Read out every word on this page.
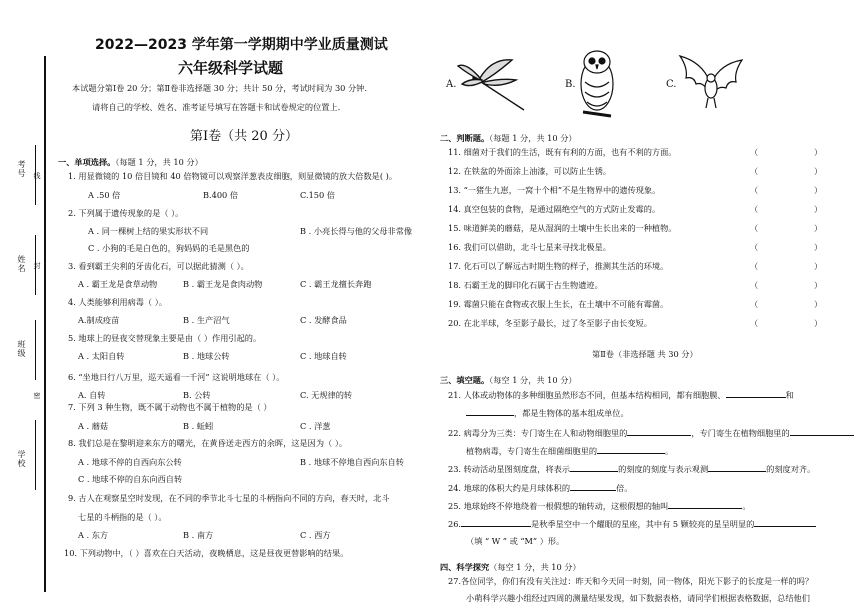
考号 线
姓名 封
班级
密
学校
2022—2023 学年第一学期期中学业质量测试
六年级科学试题
本试题分第Ⅰ卷 20 分；第Ⅱ卷非选择题 30 分；共计 50 分，考试时间为 30 分钟.
请将自己的学校、姓名、准考证号填写在答题卡和试卷规定的位置上.
第Ⅰ卷（共 20 分）
一、单项选择。（每题 1 分，共 10 分）
1. 用显微镜的 10 倍目镜和 40 倍物镜可以观察洋葱表皮细胞，则显微镜的放大倍数是( )。
A .50 倍	B.400 倍	C.150 倍
2. 下列属于遗传现象的是（ ）。
A . 同一棵树上结的果实形状不同	B . 小亮长得与他的父母非常像
C . 小狗的毛是白色的，狗妈妈的毛是黑色的
3. 看到霸王尖利的牙齿化石，可以据此猜测（ ）。
A . 霸王龙是食草动物	B . 霸王龙是食肉动物	C . 霸王龙擅长奔跑
4. 人类能够利用病毒（ ）。
A.制成疫苗	B . 生产沼气	C . 发酵食品
5. 地球上的昼夜交替现象主要是由（ ）作用引起的。
A . 太阳自转	B . 地球公转	C . 地球自转
6. “坐地日行八万里，巡天遥看一千河” 这说明地球在（ ）。
A. 自转	B. 公转	C. 无规律的转
7. 下列 3 种生物，既不属于动物也不属于植物的是（ ）
A . 蘑菇	B . 蚯蚓	C . 洋葱
8. 我们总是在黎明迎来东方的曙光，在黄昏送走西方的余晖，这是因为（ ）。
A . 地球不停的自西向东公转	B . 地球不停地自西向东自转
C . 地球不停的自东向西自转
9. 古人在观察星空时发现，在不同的季节北斗七星的斗柄指向不同的方向，春天时，北斗
七星的斗柄指的是（ ）。
A . 东方	B . 南方	C . 西方
10. 下列动物中，（ ）喜欢在白天活动，夜晚栖息，这是昼夜更替影响的结果。
A.	B.	C.
二、判断题。（每题 1 分，共 10 分）
11. 细菌对于我们的生活，既有有利的方面，也有不利的方面。
12. 在铁盆的外面涂上油漆，可以防止生锈。
13. “一猪生九崽，一窝十个相”不是生物界中的遗传现象。
14. 真空包装的食物，是通过隔绝空气的方式防止发霉的。
15. 味道鲜美的蘑菇，是从湿润的土壤中生长出来的一种植物。
16. 我们可以借助，北斗七星来寻找北极星。
17. 化石可以了解远古时期生物的样子，推测其生活的环境。
18. 石霸王龙的脚印化石属于古生物遗迹。
19. 霉菌只能在食物或衣服上生长，在土壤中不可能有霉菌。
20. 在北半球，冬至影子最长，过了冬至影子由长变短。
（	）
（	）
（	）
（	）
（	）
（	）
（	）
（	）
（	）
（	）
第Ⅱ卷（非选择题 共 30 分）
三、填空题。（每空 1 分，共 10 分）
21. 人体或动物体的多种细胞虽然形态不同，但基本结构相同，都有细胞膜、	和
，都是生物体的基本组成单位。
22. 病毒分为三类：专门寄生在人和动物细胞里的	，专门寄生在植物细胞里的
植物病毒，专门寄生在细菌细胞里的	。
23. 转动活动星图刻度盘，将表示	的刻度的刻度与表示观测	的刻度对齐。
24. 地球的体积大约是月球体积的	倍。
25. 地球始终不停地绕着一根假想的轴转动，这根假想的轴叫	。
26.	是秋季星空中一个耀眼的星座，其中有 5 颗较亮的星呈明显的
（填 “ W ” 或 “M” ）形。
四、科学探究（每空 1 分，共 10 分）
27.各位同学，你们有没有关注过：昨天和今天同一时刻，同一物体，阳光下影子的长度是一样的吗？
小萌科学兴趣小组经过四周的测量结果发现，如下数据表格，请同学们根据表格数据，总结他们
